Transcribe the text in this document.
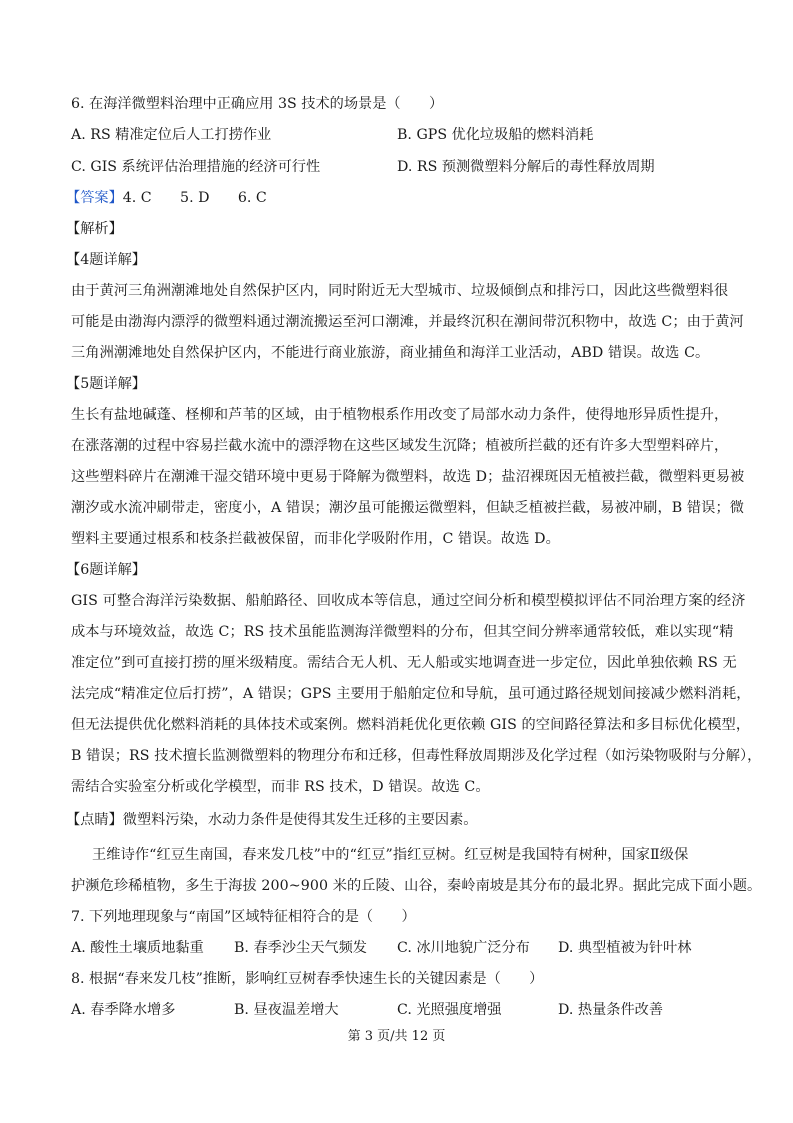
6. 在海洋微塑料治理中正确应用 3S 技术的场景是（　　）
A. RS 精准定位后人工打捞作业	B. GPS 优化垃圾船的燃料消耗
C. GIS 系统评估治理措施的经济可行性	D. RS 预测微塑料分解后的毒性释放周期
【答案】4. C　　5. D　　6. C
【解析】
【4题详解】
由于黄河三角洲潮滩地处自然保护区内，同时附近无大型城市、垃圾倾倒点和排污口，因此这些微塑料很
可能是由渤海内漂浮的微塑料通过潮流搬运至河口潮滩，并最终沉积在潮间带沉积物中，故选 C；由于黄河
三角洲潮滩地处自然保护区内，不能进行商业旅游，商业捕鱼和海洋工业活动，ABD 错误。故选 C。
【5题详解】
生长有盐地碱蓬、柽柳和芦苇的区域，由于植物根系作用改变了局部水动力条件，使得地形异质性提升，
在涨落潮的过程中容易拦截水流中的漂浮物在这些区域发生沉降；植被所拦截的还有许多大型塑料碎片，
这些塑料碎片在潮滩干湿交错环境中更易于降解为微塑料，故选 D；盐沼裸斑因无植被拦截，微塑料更易被
潮汐或水流冲刷带走，密度小，A 错误；潮汐虽可能搬运微塑料，但缺乏植被拦截，易被冲刷，B 错误；微
塑料主要通过根系和枝条拦截被保留，而非化学吸附作用，C 错误。故选 D。
【6题详解】
GIS 可整合海洋污染数据、船舶路径、回收成本等信息，通过空间分析和模型模拟评估不同治理方案的经济
成本与环境效益，故选 C；RS 技术虽能监测海洋微塑料的分布，但其空间分辨率通常较低，难以实现“精
准定位”到可直接打捞的厘米级精度。需结合无人机、无人船或实地调查进一步定位，因此单独依赖 RS 无
法完成“精准定位后打捞”，A 错误；GPS 主要用于船舶定位和导航，虽可通过路径规划间接减少燃料消耗，
但无法提供优化燃料消耗的具体技术或案例。燃料消耗优化更依赖 GIS 的空间路径算法和多目标优化模型，
B 错误；RS 技术擅长监测微塑料的物理分布和迁移，但毒性释放周期涉及化学过程（如污染物吸附与分解），
需结合实验室分析或化学模型，而非 RS 技术，D 错误。故选 C。
【点睛】微塑料污染，水动力条件是使得其发生迁移的主要因素。
王维诗作“红豆生南国，春来发几枝”中的“红豆”指红豆树。红豆树是我国特有树种，国家Ⅱ级保
护濒危珍稀植物，多生于海拔 200~900 米的丘陵、山谷，秦岭南坡是其分布的最北界。据此完成下面小题。
7. 下列地理现象与“南国”区域特征相符合的是（　　）
A. 酸性土壤质地黏重 B. 春季沙尘天气频发 C. 冰川地貌广泛分布 D. 典型植被为针叶林
8. 根据“春来发几枝”推断，影响红豆树春季快速生长的关键因素是（　　）
A. 春季降水增多	B. 昼夜温差增大	C. 光照强度增强	D. 热量条件改善
第 3 页/共 12 页
